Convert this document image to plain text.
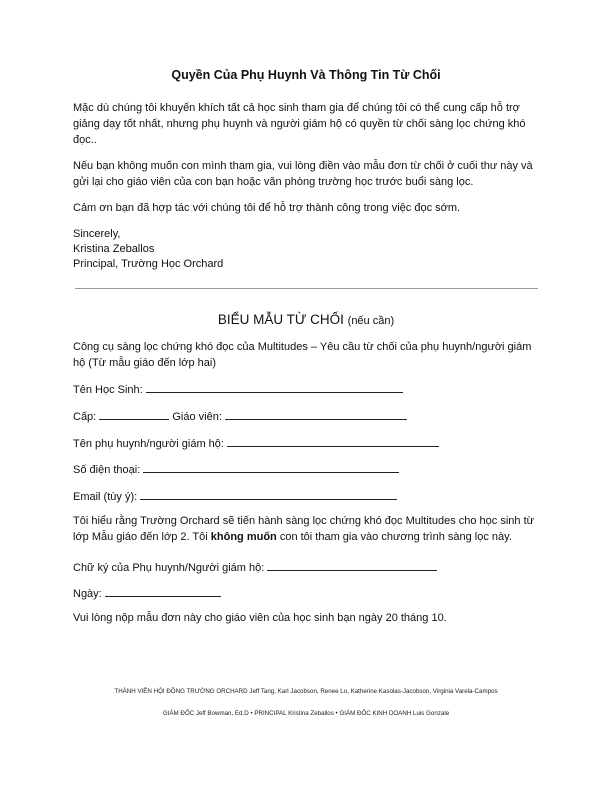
Quyền Của Phụ Huynh Và Thông Tin Từ Chối
Mặc dù chúng tôi khuyến khích tất cả học sinh tham gia để chúng tôi có thể cung cấp hỗ trợ giảng dạy tốt nhất, nhưng phụ huynh và người giám hộ có quyền từ chối sàng lọc chứng khó đọc..
Nếu bạn không muốn con mình tham gia, vui lòng điền vào mẫu đơn từ chối ở cuối thư này và gửi lại cho giáo viên của con bạn hoặc văn phòng trường học trước buổi sàng lọc.
Cảm ơn bạn đã hợp tác với chúng tôi để hỗ trợ thành công trong việc đọc sớm.
Sincerely,
Kristina Zeballos
Principal, Trường Học Orchard
BIỂU MẪU TỪ CHỐI (nếu cần)
Công cụ sàng lọc chứng khó đọc của Multitudes – Yêu cầu từ chối của phụ huynh/người giám hộ (Từ mẫu giáo đến lớp hai)
Tên Học Sinh:
Cấp:	Giáo viên:
Tên phụ huynh/người giám hộ:
Số điện thoại:
Email (tùy ý):
Tôi hiểu rằng Trường Orchard sẽ tiến hành sàng lọc chứng khó đọc Multitudes cho học sinh từ lớp Mẫu giáo đến lớp 2. Tôi không muốn con tôi tham gia vào chương trình sàng lọc này.
Chữ ký của Phụ huynh/Người giám hộ:
Ngày:
Vui lòng nộp mẫu đơn này cho giáo viên của học sinh bạn ngày 20 tháng 10.
THÀNH VIÊN HỘI ĐỒNG TRƯỜNG ORCHARD Jeff Tang, Karl Jacobson, Renee Lo, Katherine Kasolas-Jacobson, Virginia Varela-Campos
GIÁM ĐỐC Jeff Bowman, Ed.D • PRINCIPAL Kristina Zeballos • GIÁM ĐỐC KINH DOANH Luis Gonzale
